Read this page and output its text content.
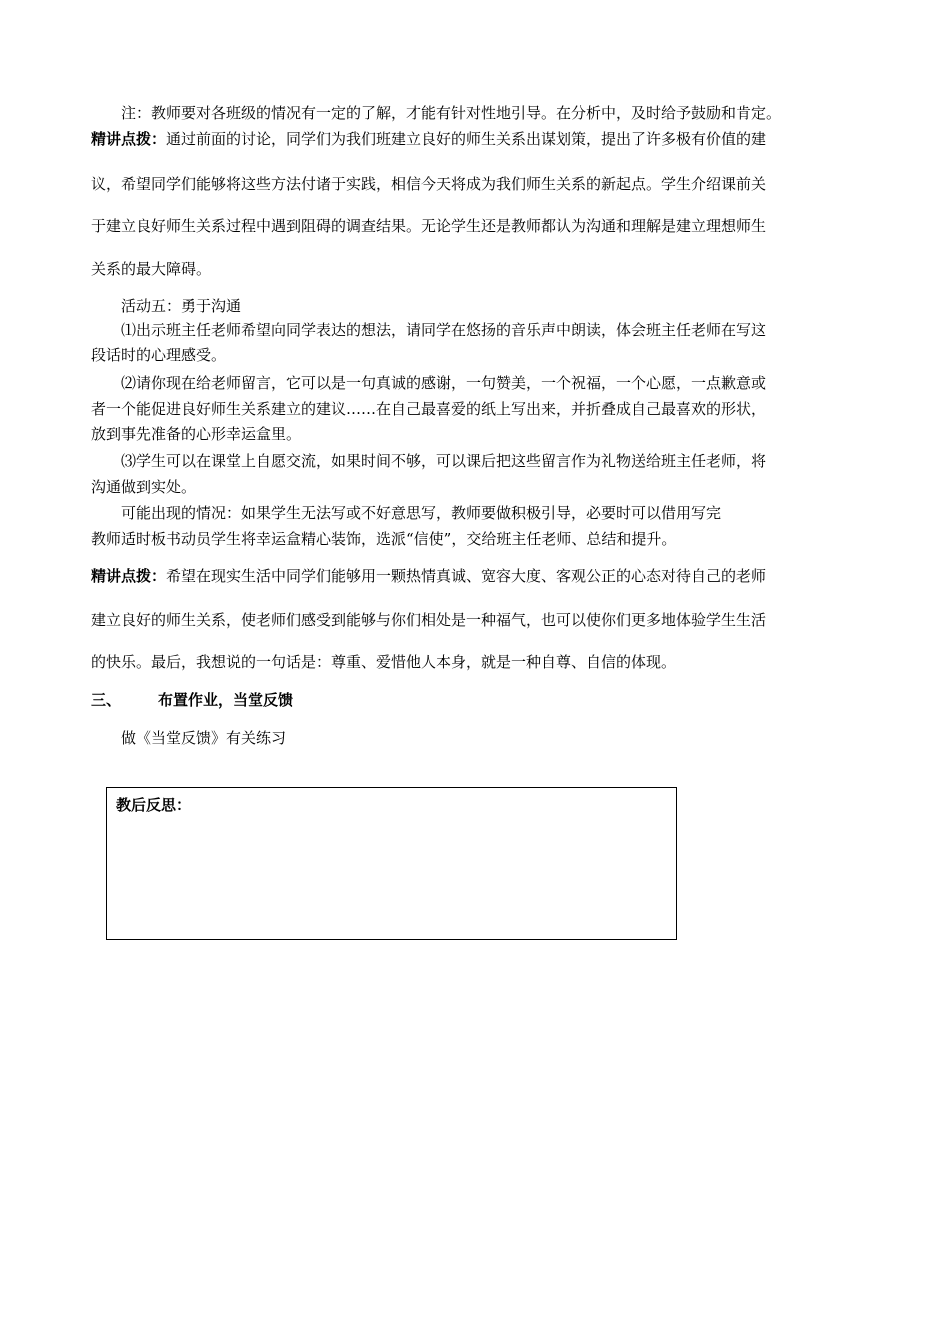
注：教师要对各班级的情况有一定的了解，才能有针对性地引导。在分析中，及时给予鼓励和肯定。
精讲点拨：通过前面的讨论，同学们为我们班建立良好的师生关系出谋划策，提出了许多极有价值的建
议，希望同学们能够将这些方法付诸于实践，相信今天将成为我们师生关系的新起点。学生介绍课前关
于建立良好师生关系过程中遇到阻碍的调查结果。无论学生还是教师都认为沟通和理解是建立理想师生
关系的最大障碍。
活动五：勇于沟通
⑴出示班主任老师希望向同学表达的想法，请同学在悠扬的音乐声中朗读，体会班主任老师在写这
段话时的心理感受。
⑵请你现在给老师留言，它可以是一句真诚的感谢，一句赞美，一个祝福，一个心愿，一点歉意或
者一个能促进良好师生关系建立的建议……在自己最喜爱的纸上写出来，并折叠成自己最喜欢的形状，
放到事先准备的心形幸运盒里。
⑶学生可以在课堂上自愿交流，如果时间不够，可以课后把这些留言作为礼物送给班主任老师，将
沟通做到实处。
可能出现的情况：如果学生无法写或不好意思写，教师要做积极引导，必要时可以借用写完
教师适时板书动员学生将幸运盒精心装饰，选派“信使”，交给班主任老师、总结和提升。
精讲点拨：希望在现实生活中同学们能够用一颗热情真诚、宽容大度、客观公正的心态对待自己的老师
建立良好的师生关系，使老师们感受到能够与你们相处是一种福气，也可以使你们更多地体验学生生活
的快乐。最后，我想说的一句话是：尊重、爱惜他人本身，就是一种自尊、自信的体现。
三、 布置作业，当堂反馈
做《当堂反馈》有关练习
教后反思：
